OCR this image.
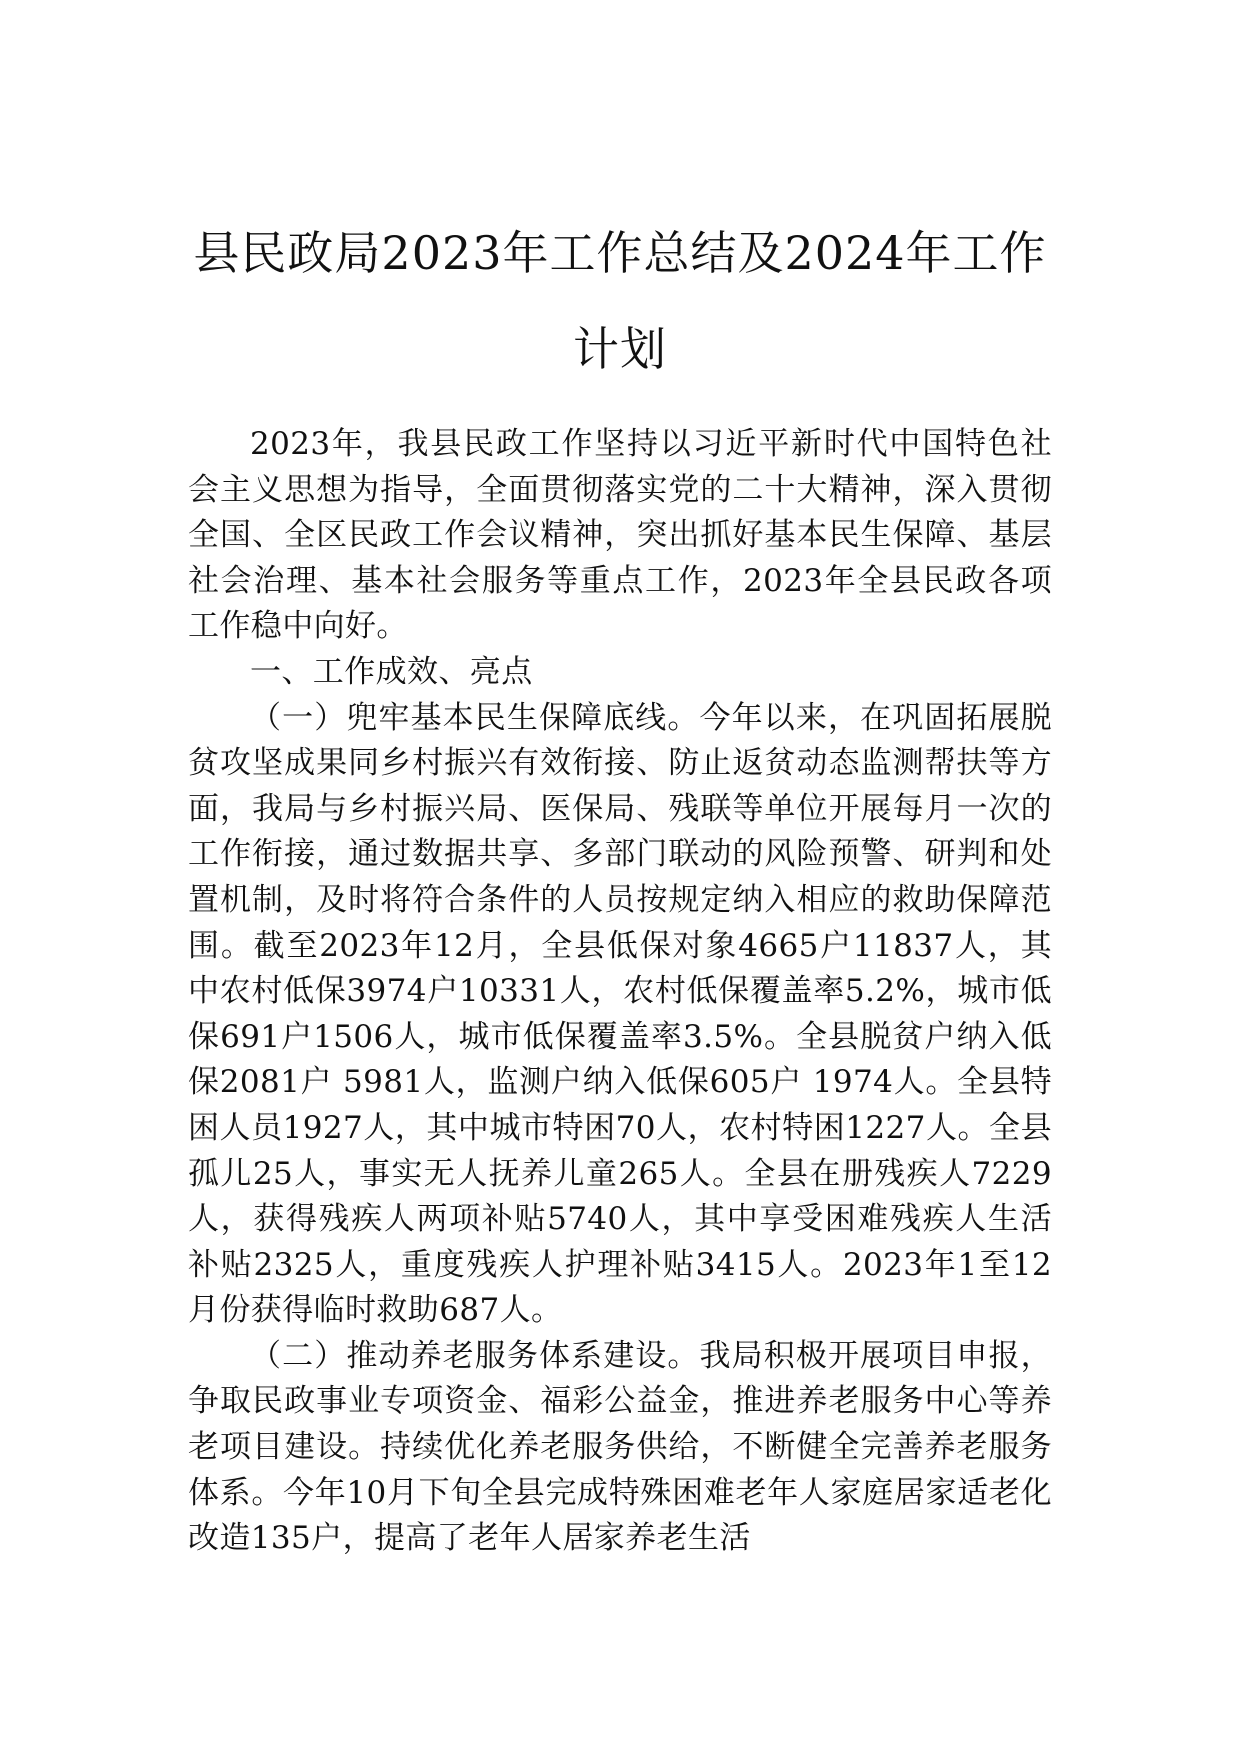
县民政局2023年工作总结及2024年工作计划

2023年，我县民政工作坚持以习近平新时代中国特色社会主义思想为指导，全面贯彻落实党的二十大精神，深入贯彻全国、全区民政工作会议精神，突出抓好基本民生保障、基层社会治理、基本社会服务等重点工作，2023年全县民政各项工作稳中向好。

一、工作成效、亮点

（一）兜牢基本民生保障底线。今年以来，在巩固拓展脱贫攻坚成果同乡村振兴有效衔接、防止返贫动态监测帮扶等方面，我局与乡村振兴局、医保局、残联等单位开展每月一次的工作衔接，通过数据共享、多部门联动的风险预警、研判和处置机制，及时将符合条件的人员按规定纳入相应的救助保障范围。截至2023年12月，全县低保对象4665户11837人，其中农村低保3974户10331人，农村低保覆盖率5.2%，城市低保691户1506人，城市低保覆盖率3.5%。全县脱贫户纳入低保2081户 5981人，监测户纳入低保605户 1974人。全县特困人员1927人，其中城市特困70人，农村特困1227人。全县孤儿25人，事实无人抚养儿童265人。全县在册残疾人7229人，获得残疾人两项补贴5740人，其中享受困难残疾人生活补贴2325人，重度残疾人护理补贴3415人。2023年1至12月份获得临时救助687人。

（二）推动养老服务体系建设。我局积极开展项目申报，争取民政事业专项资金、福彩公益金，推进养老服务中心等养老项目建设。持续优化养老服务供给，不断健全完善养老服务体系。今年10月下旬全县完成特殊困难老年人家庭居家适老化改造135户，提高了老年人居家养老生活
